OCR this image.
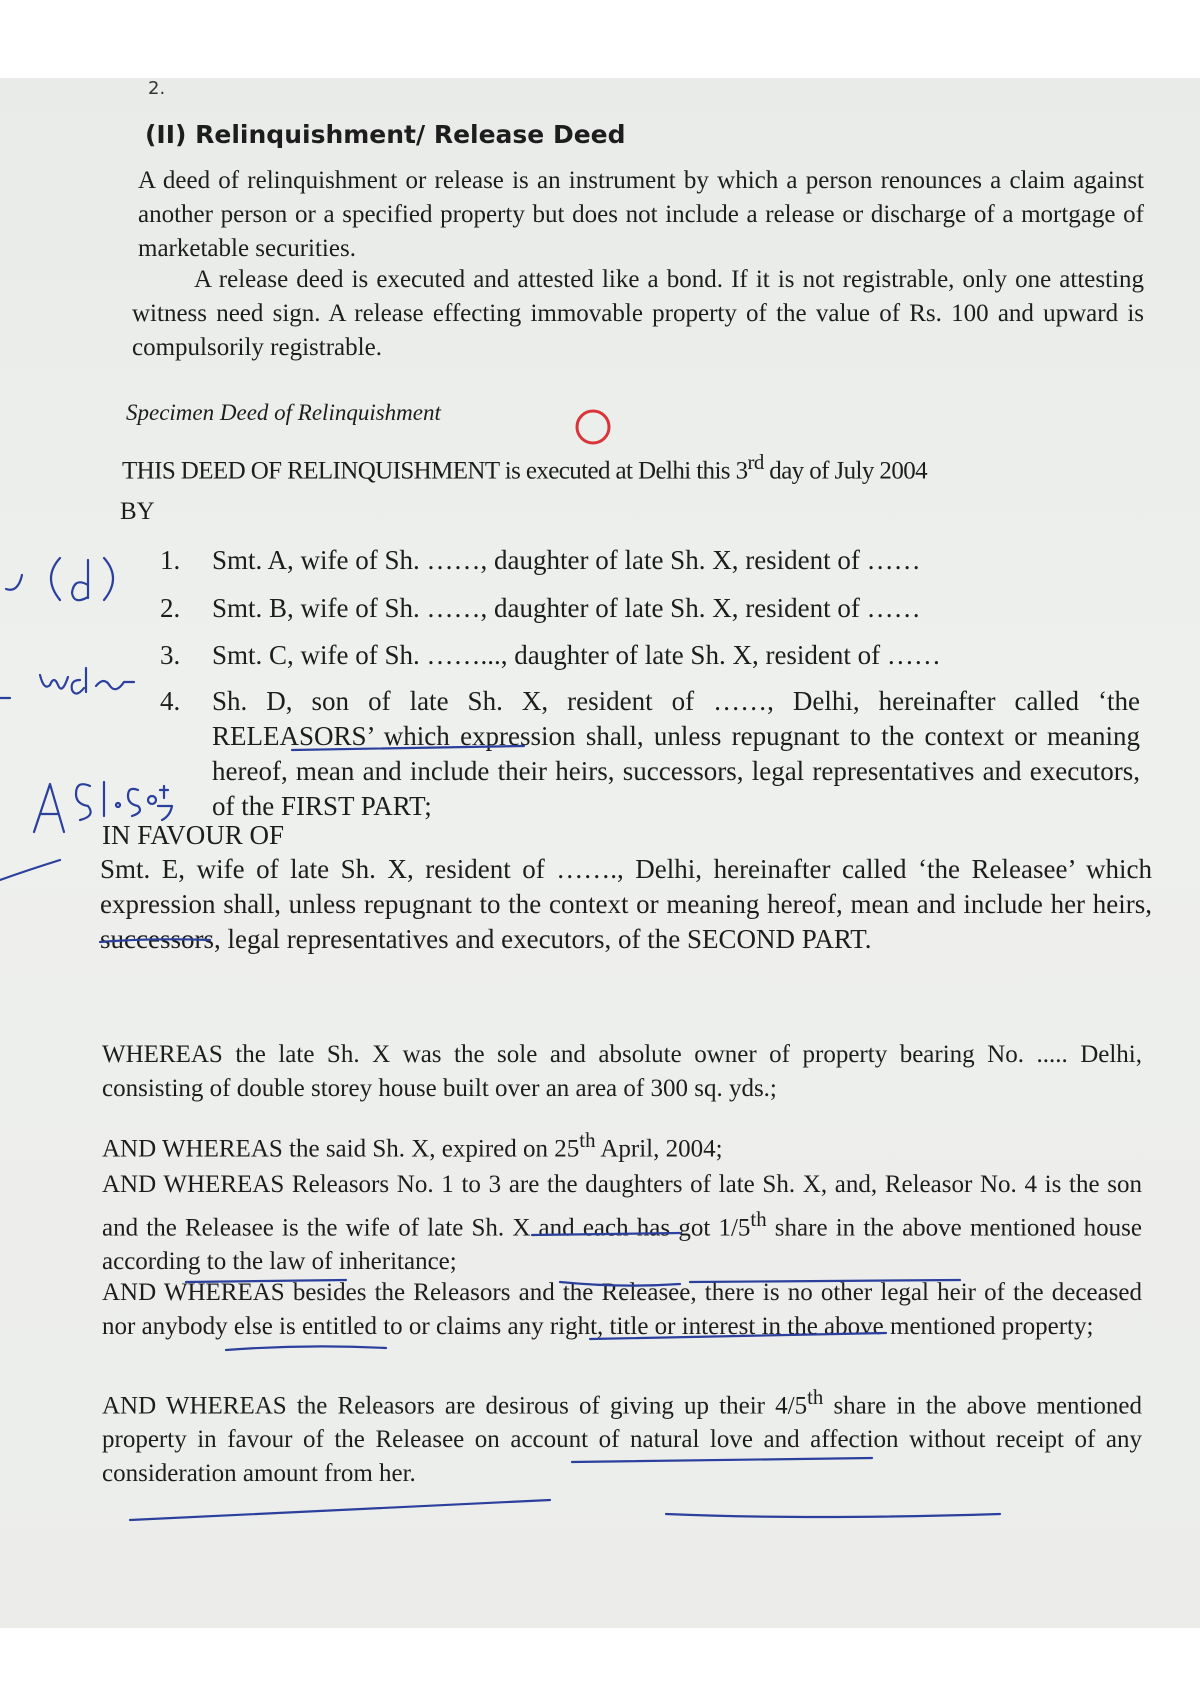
2.
(II) Relinquishment/ Release Deed

A deed of relinquishment or release is an instrument by which a person renounces a claim against another person or a specified property but does not include a release or discharge of a mortgage of marketable securities.

A release deed is executed and attested like a bond. If it is not registrable, only one attesting witness need sign. A release effecting immovable property of the value of Rs. 100 and upward is compulsorily registrable.

Specimen Deed of Relinquishment
THIS DEED OF RELINQUISHMENT is executed at Delhi this 3rd day of July 2004
BY
1.	Smt. A, wife of Sh. ……, daughter of late Sh. X, resident of ……
2.	Smt. B, wife of Sh. ……, daughter of late Sh. X, resident of ……
3.	Smt. C, wife of Sh. ……..., daughter of late Sh. X, resident of ……
4.	Sh. D, son of late Sh. X, resident of ……, Delhi, hereinafter called ‘the RELEASORS’ which expression shall, unless repugnant to the context or meaning hereof, mean and include their heirs, successors, legal representatives and executors, of the FIRST PART;
IN FAVOUR OF

Smt. E, wife of late Sh. X, resident of ……., Delhi, hereinafter called ‘the Releasee’ which expression shall, unless repugnant to the context or meaning hereof, mean and include her heirs, successors, legal representatives and executors, of the SECOND PART.

WHEREAS the late Sh. X was the sole and absolute owner of property bearing No. ..... Delhi, consisting of double storey house built over an area of 300 sq. yds.;

AND WHEREAS the said Sh. X, expired on 25th April, 2004;

AND WHEREAS Releasors No. 1 to 3 are the daughters of late Sh. X, and, Releasor No. 4 is the son and the Releasee is the wife of late Sh. X and each has got 1/5th share in the above mentioned house according to the law of inheritance;

AND WHEREAS besides the Releasors and the Releasee, there is no other legal heir of the deceased nor anybody else is entitled to or claims any right, title or interest in the above mentioned property;

AND WHEREAS the Releasors are desirous of giving up their 4/5th share in the above mentioned property in favour of the Releasee on account of natural love and affection without receipt of any consideration amount from her.
